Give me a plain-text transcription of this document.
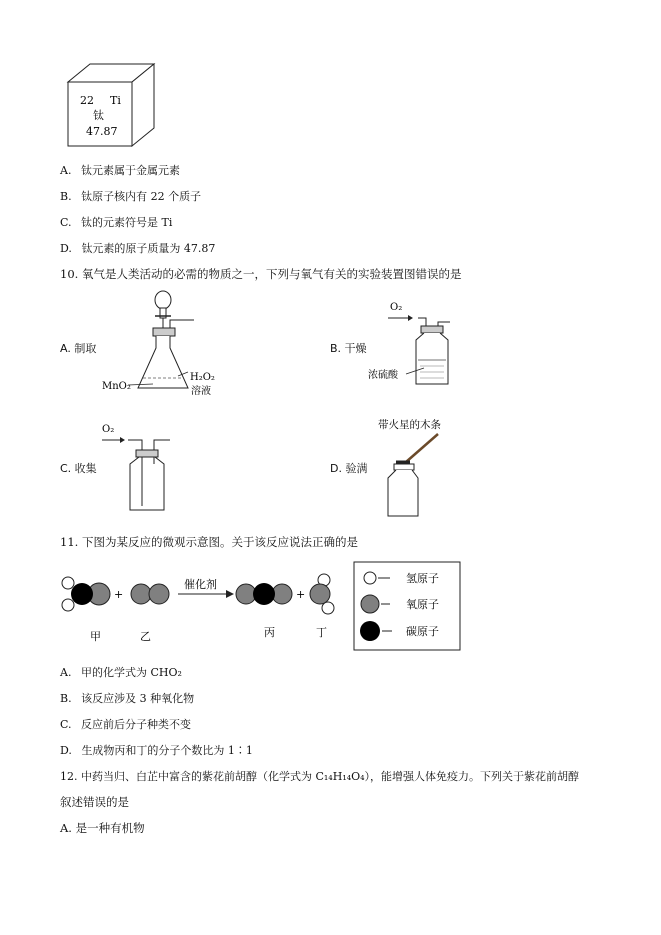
22 Ti
钛
47.87
A. 钛元素属于金属元素
B. 钛原子核内有 22 个质子
C. 钛的元素符号是 Ti
D. 钛元素的原子质量为 47.87
10. 氧气是人类活动的必需的物质之一，下列与氧气有关的实验装置图错误的是
A. 制取
MnO₂
H₂O₂
溶液
B. 干燥
O₂
浓硫酸
C. 收集
O₂
D. 验满
带火星的木条
11. 下图为某反应的微观示意图。关于该反应说法正确的是
+
催化剂
+
甲	乙	丙	丁
氢原子
氧原子
碳原子
A. 甲的化学式为 CHO₂
B. 该反应涉及 3 种氧化物
C. 反应前后分子种类不变
D. 生成物丙和丁的分子个数比为 1∶1
12. 中药当归、白芷中富含的紫花前胡醇（化学式为 C₁₄H₁₄O₄），能增强人体免疫力。下列关于紫花前胡醇
叙述错误的是
A. 是一种有机物
